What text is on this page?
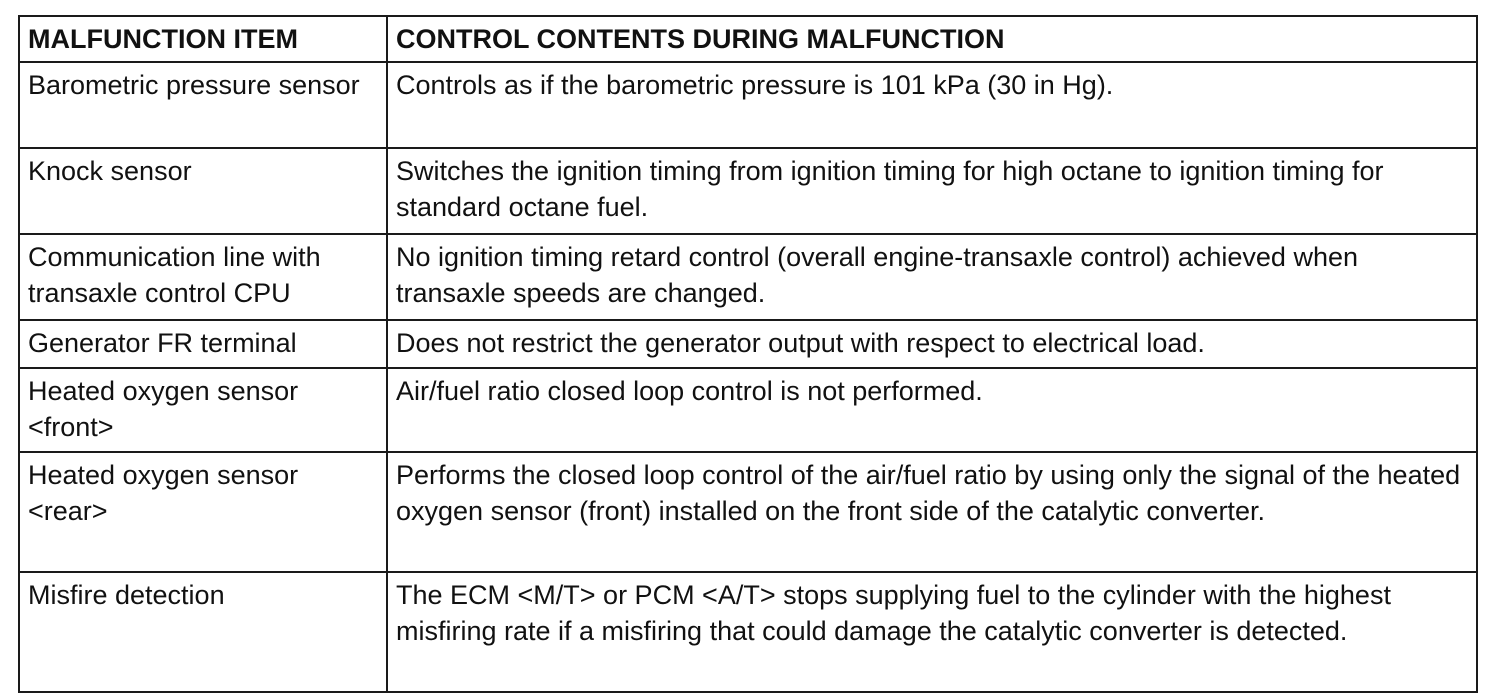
MALFUNCTION ITEM	CONTROL CONTENTS DURING MALFUNCTION
Barometric pressure sensor	Controls as if the barometric pressure is 101 kPa (30 in Hg).
Knock sensor	Switches the ignition timing from ignition timing for high octane to ignition timing for standard octane fuel.
Communication line with transaxle control CPU	No ignition timing retard control (overall engine-transaxle control) achieved when transaxle speeds are changed.
Generator FR terminal	Does not restrict the generator output with respect to electrical load.
Heated oxygen sensor <front>	Air/fuel ratio closed loop control is not performed.
Heated oxygen sensor <rear>	Performs the closed loop control of the air/fuel ratio by using only the signal of the heated oxygen sensor (front) installed on the front side of the catalytic converter.
Misfire detection	The ECM <M/T> or PCM <A/T> stops supplying fuel to the cylinder with the highest misfiring rate if a misfiring that could damage the catalytic converter is detected.
